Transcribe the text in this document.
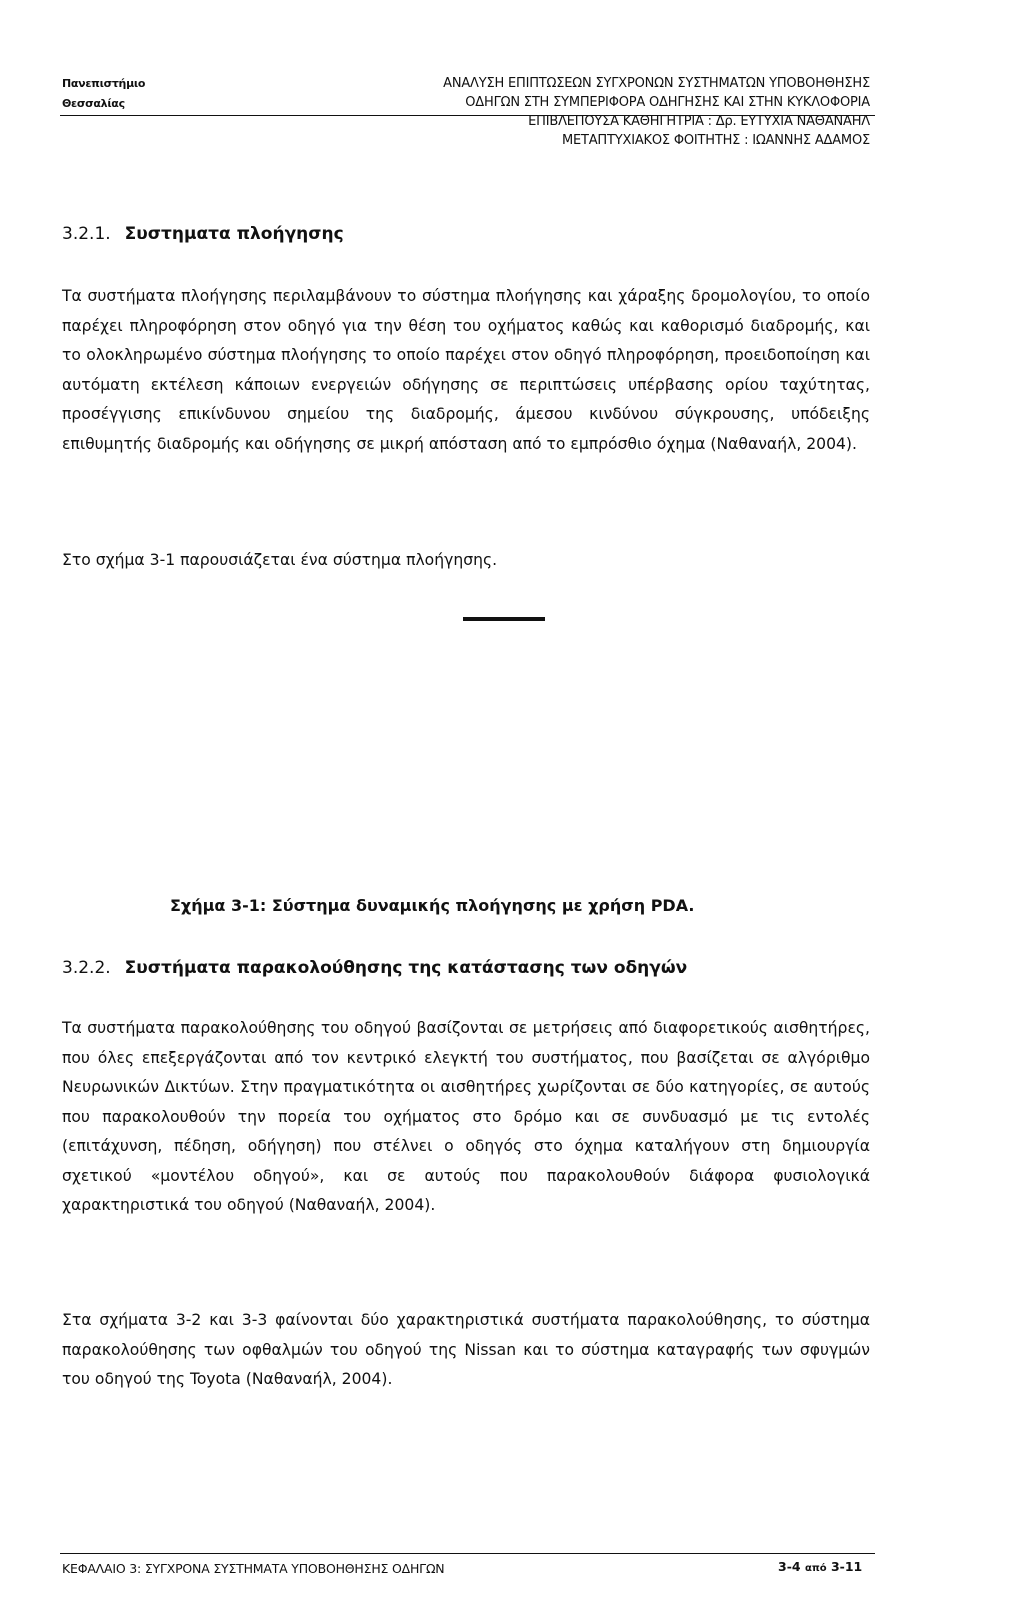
Πανεπιστήμιο
Θεσσαλίας
ΑΝΑΛΥΣΗ ΕΠΙΠΤΩΣΕΩΝ ΣΥΓΧΡΟΝΩΝ ΣΥΣΤΗΜΑΤΩΝ ΥΠΟΒΟΗΘΗΣΗΣ
ΟΔΗΓΩΝ ΣΤΗ ΣΥΜΠΕΡΙΦΟΡΑ ΟΔΗΓΗΣΗΣ ΚΑΙ ΣΤΗΝ ΚΥΚΛΟΦΟΡΙΑ
ΕΠΙΒΛΕΠΟΥΣΑ ΚΑΘΗΓΗΤΡΙΑ : Δρ. ΕΥΤΥΧΙΑ ΝΑΘΑΝΑΗΛ
ΜΕΤΑΠΤΥΧΙΑΚΟΣ ΦΟΙΤΗΤΗΣ : ΙΩΑΝΝΗΣ ΑΔΑΜΟΣ
3.2.1. Συστηματα πλοήγησης
Τα συστήματα πλοήγησης περιλαμβάνουν το σύστημα πλοήγησης και χάραξης δρομολογίου, το οποίο παρέχει πληροφόρηση στον οδηγό για την θέση του οχήματος καθώς και καθορισμό διαδρομής, και το ολοκληρωμένο σύστημα πλοήγησης το οποίο παρέχει στον οδηγό πληροφόρηση, προειδοποίηση και αυτόματη εκτέλεση κάποιων ενεργειών οδήγησης σε περιπτώσεις υπέρβασης ορίου ταχύτητας, προσέγγισης επικίνδυνου σημείου της διαδρομής, άμεσου κινδύνου σύγκρουσης, υπόδειξης επιθυμητής διαδρομής και οδήγησης σε μικρή απόσταση από το εμπρόσθιο όχημα (Ναθαναήλ, 2004).
Στο σχήμα 3-1 παρουσιάζεται ένα σύστημα πλοήγησης.
Σχήμα 3-1: Σύστημα δυναμικής πλοήγησης με χρήση PDA.
3.2.2. Συστήματα παρακολούθησης της κατάστασης των οδηγών
Τα συστήματα παρακολούθησης του οδηγού βασίζονται σε μετρήσεις από διαφορετικούς αισθητήρες, που όλες επεξεργάζονται από τον κεντρικό ελεγκτή του συστήματος, που βασίζεται σε αλγόριθμο Νευρωνικών Δικτύων. Στην πραγματικότητα οι αισθητήρες χωρίζονται σε δύο κατηγορίες, σε αυτούς που παρακολουθούν την πορεία του οχήματος στο δρόμο και σε συνδυασμό με τις εντολές (επιτάχυνση, πέδηση, οδήγηση) που στέλνει ο οδηγός στο όχημα καταλήγουν στη δημιουργία σχετικού «μοντέλου οδηγού», και σε αυτούς που παρακολουθούν διάφορα φυσιολογικά χαρακτηριστικά του οδηγού (Ναθαναήλ, 2004).
Στα σχήματα 3-2 και 3-3 φαίνονται δύο χαρακτηριστικά συστήματα παρακολούθησης, το σύστημα παρακολούθησης των οφθαλμών του οδηγού της Nissan και το σύστημα καταγραφής των σφυγμών του οδηγού της Toyota (Ναθαναήλ, 2004).
ΚΕΦΑΛΑΙΟ 3: ΣΥΓΧΡΟΝΑ ΣΥΣΤΗΜΑΤΑ ΥΠΟΒΟΗΘΗΣΗΣ ΟΔΗΓΩΝ	3-4 από 3-11
